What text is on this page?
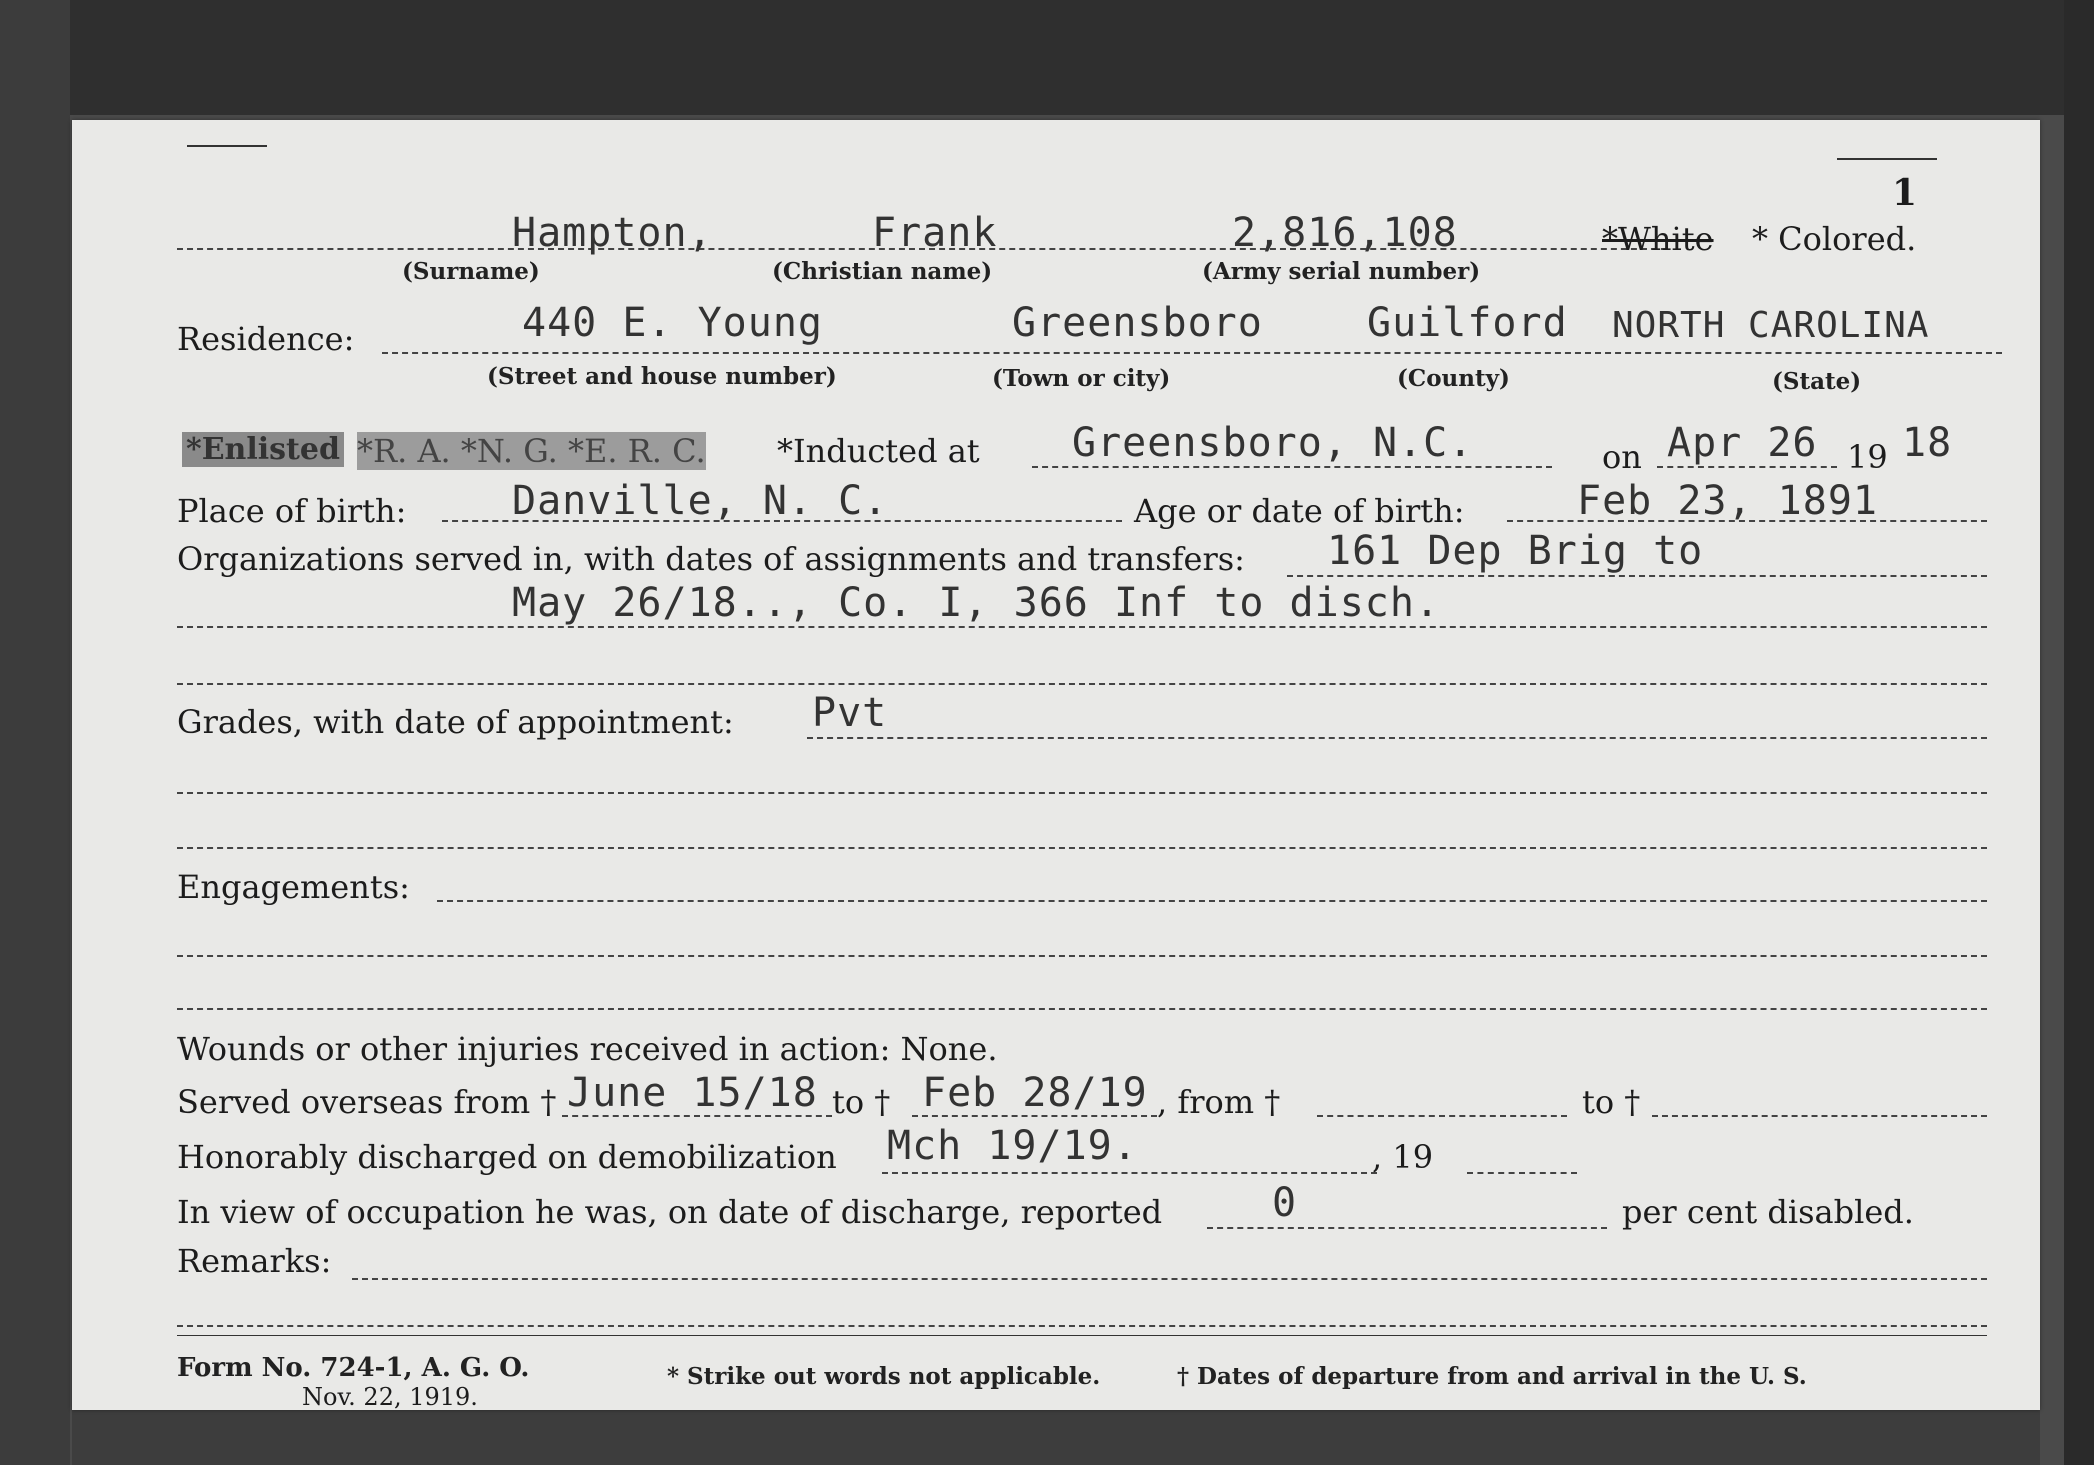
1
Hampton,	Frank	2,816,108	*White * Colored.
(Surname)	(Christian name)	(Army serial number)
Residence:	440 E. Young	Greensboro	Guilford NORTH CAROLINA
(Street and house number)	(Town or city)	(County)	(State)
*Enlisted *R. A. *N. G. *E. R. C. *Inducted at Greensboro, N.C.	on Apr 26 19 18
Place of birth:	Danville, N. C.	Age or date of birth:	Feb 23, 1891
Organizations served in, with dates of assignments and transfers: 161 Dep Brig to
May 26/18.., Co. I, 366 Inf to disch.
Grades, with date of appointment: Pvt
Engagements:
Wounds or other injuries received in action: None.
Served overseas from † June 15/18 to † Feb 28/19 , from †	to †
Honorably discharged on demobilization Mch 19/19.	, 19
In view of occupation he was, on date of discharge, reported	0	per cent disabled.
Remarks:
Form No. 724-1, A. G. O.
Nov. 22, 1919.
* Strike out words not applicable.	† Dates of departure from and arrival in the U. S.
